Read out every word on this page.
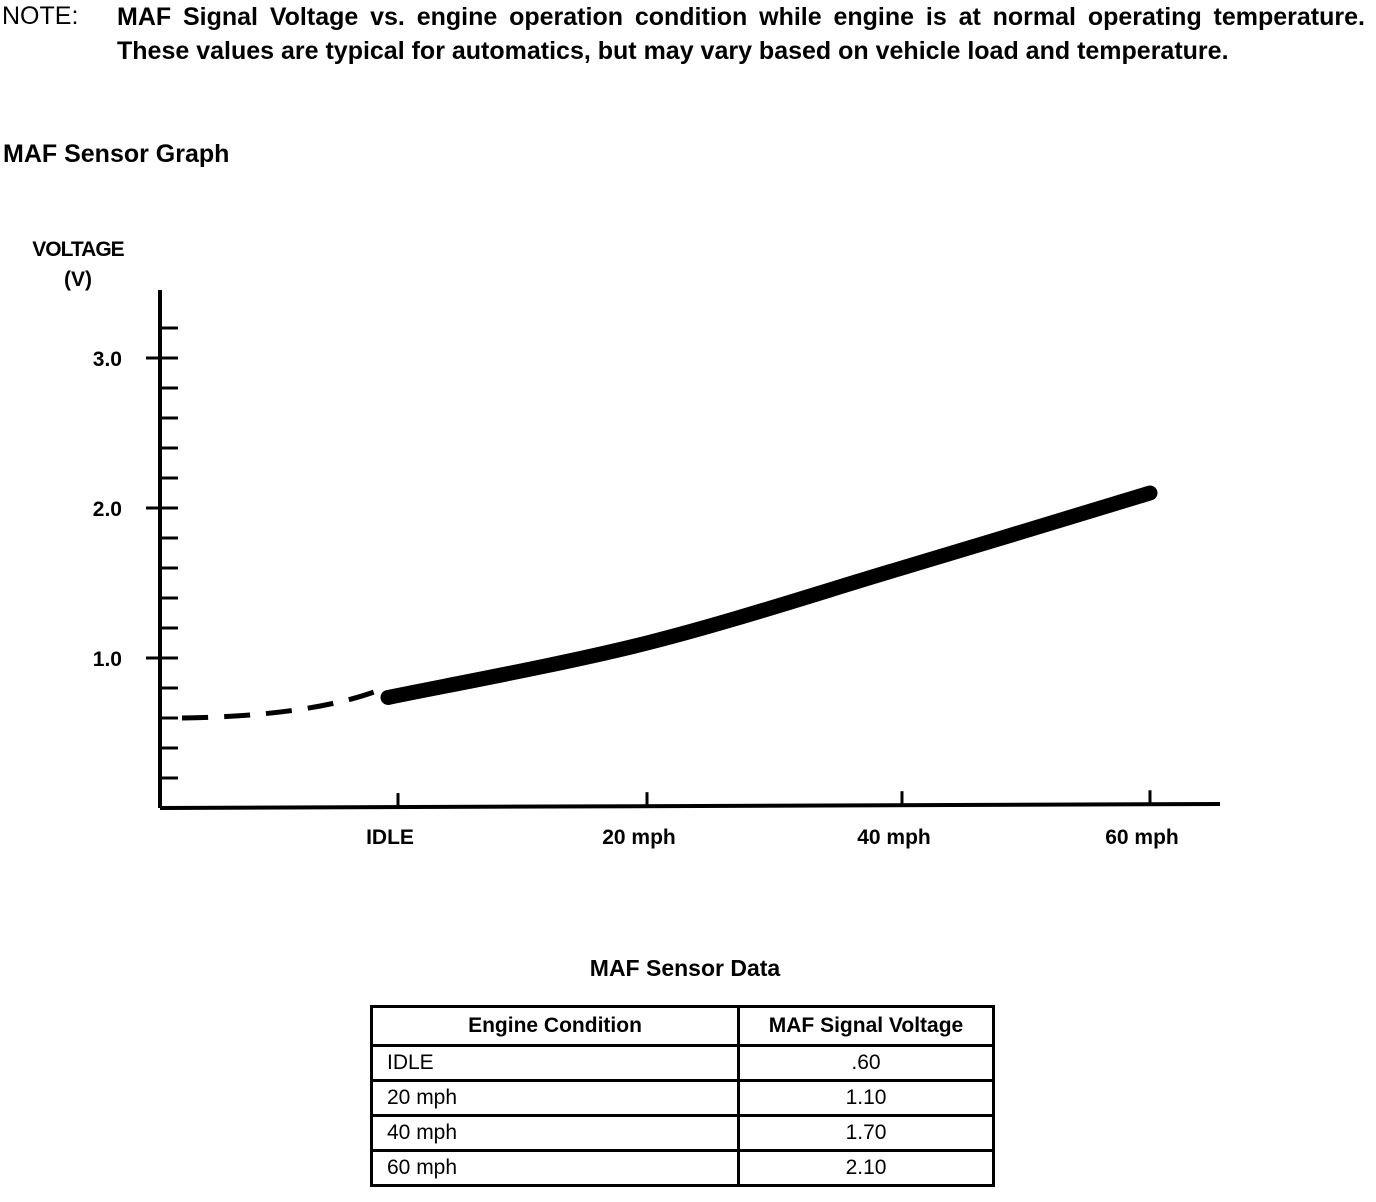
NOTE: MAF Signal Voltage vs. engine operation condition while engine is at normal operating temperature. These values are typical for automatics, but may vary based on vehicle load and temperature.
MAF Sensor Graph
VOLTAGE
(V)
1.0
2.0
3.0
IDLE	20 mph	40 mph	60 mph
MAF Sensor Data
Engine Condition	MAF Signal Voltage
IDLE	.60
20 mph	1.10
40 mph	1.70
60 mph	2.10
